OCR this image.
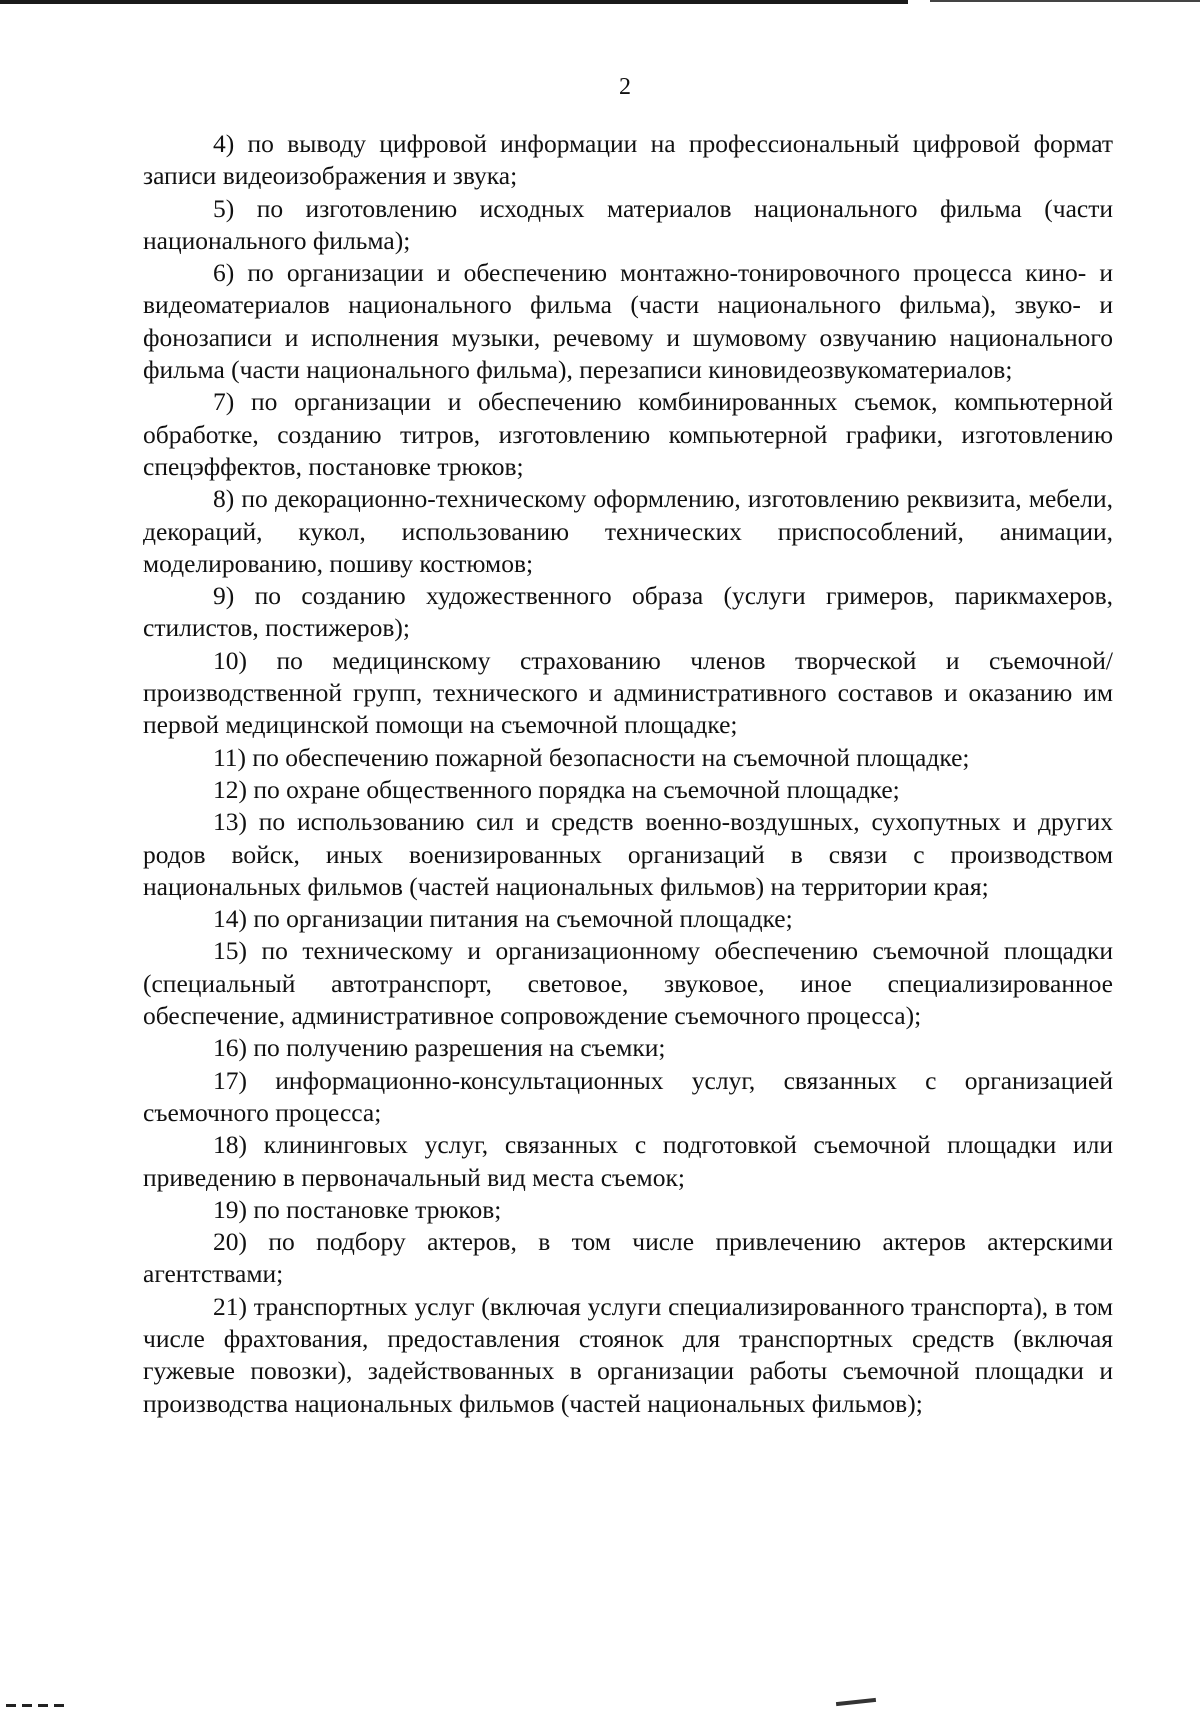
2

4) по выводу цифровой информации на профессиональный цифровой формат записи видеоизображения и звука;

5) по изготовлению исходных материалов национального фильма (части национального фильма);

6) по организации и обеспечению монтажно-тонировочного процесса кино- и видеоматериалов национального фильма (части национального фильма), звуко- и фонозаписи и исполнения музыки, речевому и шумовому озвучанию национального фильма (части национального фильма), перезаписи киновидеозвукоматериалов;

7) по организации и обеспечению комбинированных съемок, компьютерной обработке, созданию титров, изготовлению компьютерной графики, изготовлению спецэффектов, постановке трюков;

8) по декорационно-техническому оформлению, изготовлению реквизита, мебели, декораций, кукол, использованию технических приспособлений, анимации, моделированию, пошиву костюмов;

9) по созданию художественного образа (услуги гримеров, парикмахеров, стилистов, постижеров);

10) по медицинскому страхованию членов творческой и съемочной/производственной групп, технического и административного составов и оказанию им первой медицинской помощи на съемочной площадке;

11) по обеспечению пожарной безопасности на съемочной площадке;

12) по охране общественного порядка на съемочной площадке;

13) по использованию сил и средств военно-воздушных, сухопутных и других родов войск, иных военизированных организаций в связи с производством национальных фильмов (частей национальных фильмов) на территории края;

14) по организации питания на съемочной площадке;

15) по техническому и организационному обеспечению съемочной площадки (специальный автотранспорт, световое, звуковое, иное специализированное обеспечение, административное сопровождение съемочного процесса);

16) по получению разрешения на съемки;

17) информационно-консультационных услуг, связанных с организацией съемочного процесса;

18) клининговых услуг, связанных с подготовкой съемочной площадки или приведению в первоначальный вид места съемок;

19) по постановке трюков;

20) по подбору актеров, в том числе привлечению актеров актерскими агентствами;

21) транспортных услуг (включая услуги специализированного транспорта), в том числе фрахтования, предоставления стоянок для транспортных средств (включая гужевые повозки), задействованных в организации работы съемочной площадки и производства национальных фильмов (частей национальных фильмов);
